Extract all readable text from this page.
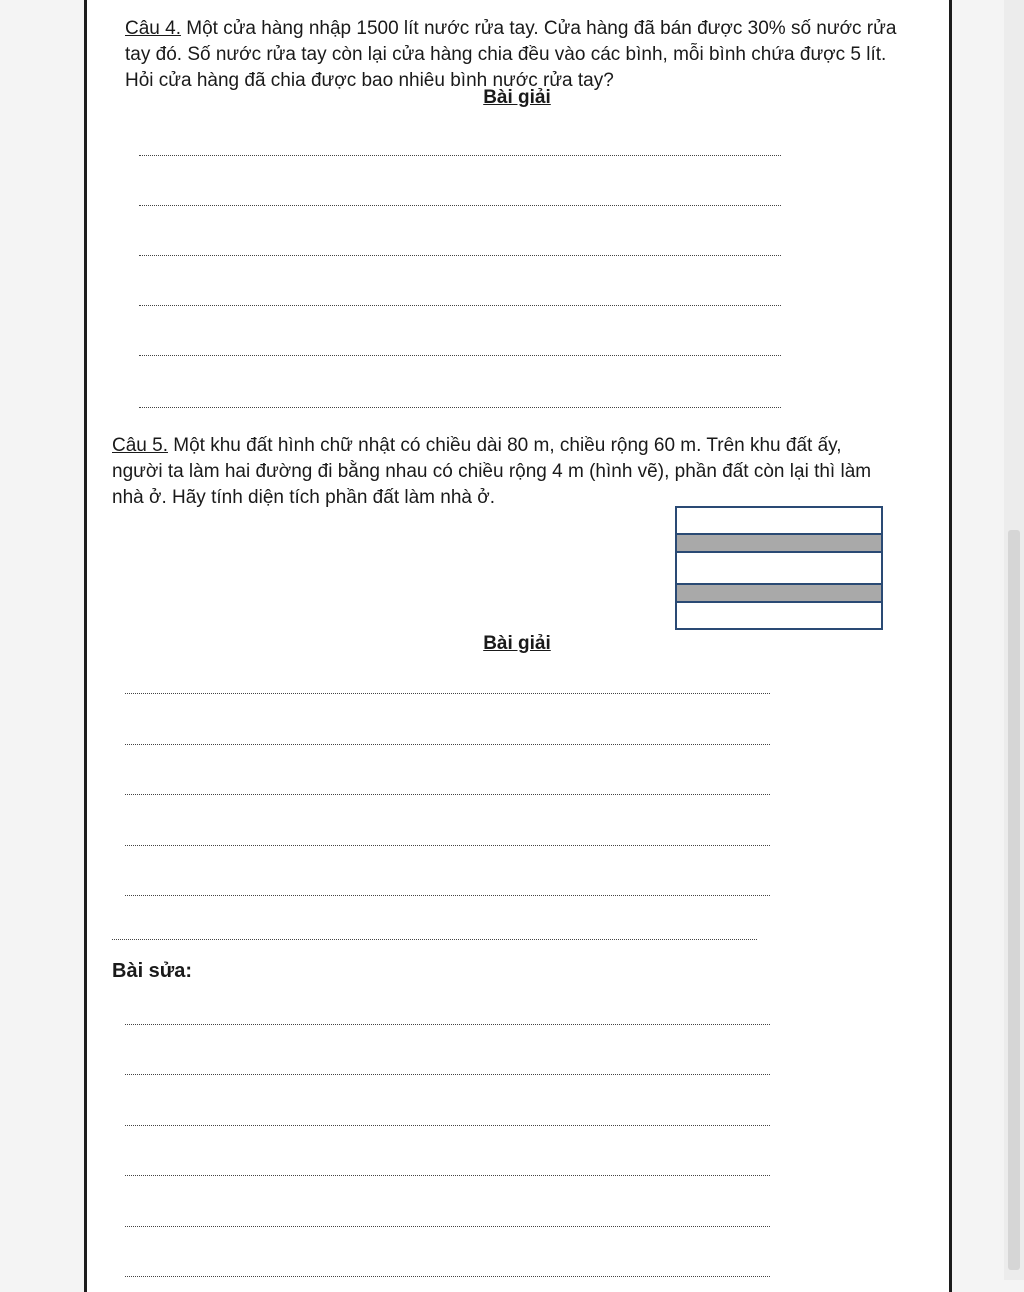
Câu 4. Một cửa hàng nhập 1500 lít nước rửa tay. Cửa hàng đã bán được 30% số nước rửa tay đó. Số nước rửa tay còn lại cửa hàng chia đều vào các bình, mỗi bình chứa được 5 lít. Hỏi cửa hàng đã chia được bao nhiêu bình nước rửa tay?

Bài giải

Câu 5. Một khu đất hình chữ nhật có chiều dài 80 m, chiều rộng 60 m. Trên khu đất ấy, người ta làm hai đường đi bằng nhau có chiều rộng 4 m (hình vẽ), phần đất còn lại thì làm nhà ở. Hãy tính diện tích phần đất làm nhà ở.

Bài giải

Bài sửa:
